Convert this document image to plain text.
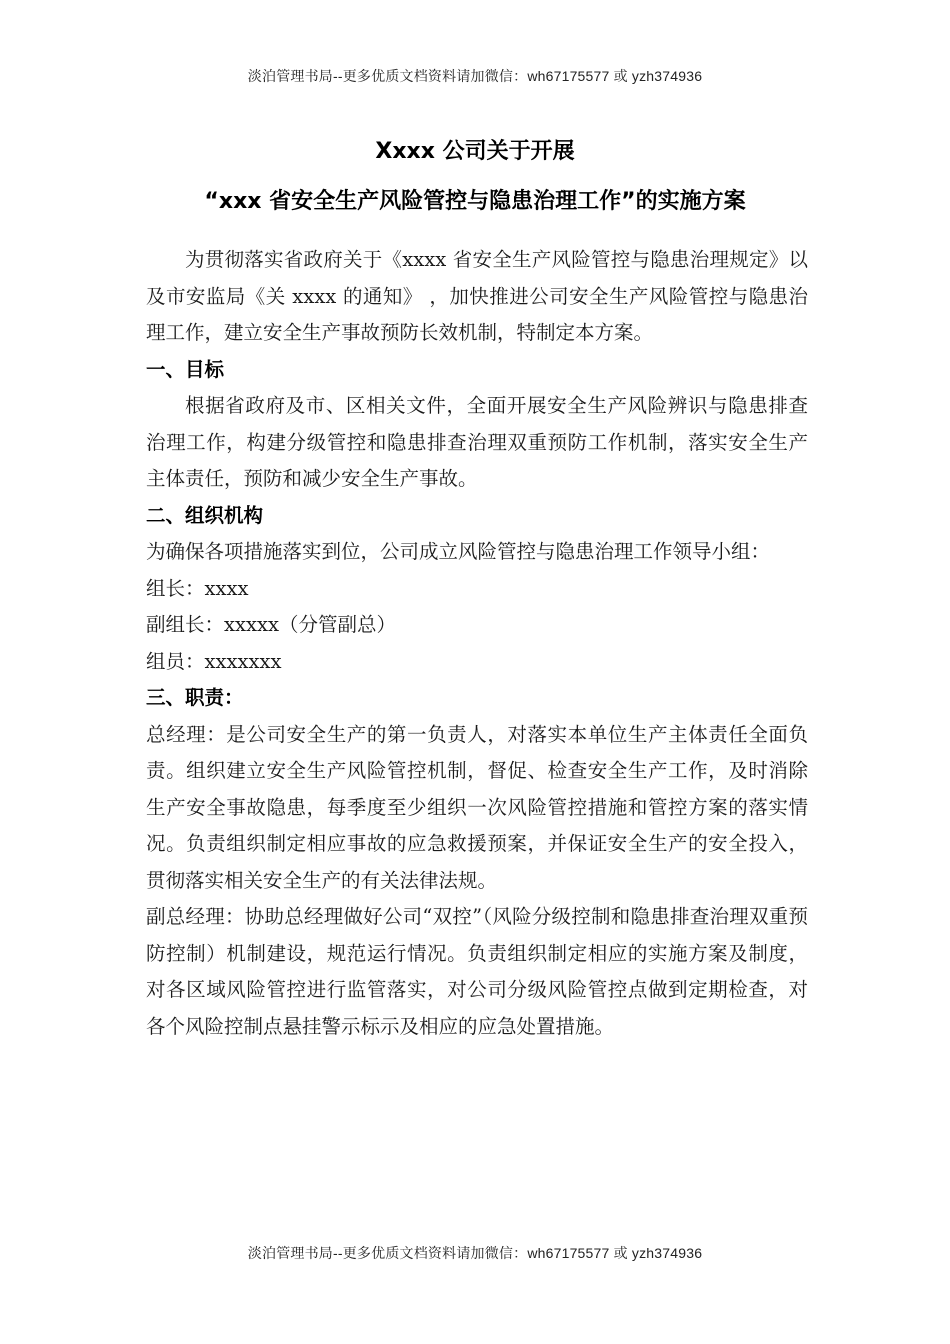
淡泊管理书局--更多优质文档资料请加微信：wh67175577 或 yzh374936
Xxxx 公司关于开展
“xxx 省安全生产风险管控与隐患治理工作”的实施方案

为贯彻落实省政府关于《xxxx 省安全生产风险管控与隐患治理规定》以及市安监局《关 xxxx 的通知》 ，加快推进公司安全生产风险管控与隐患治理工作，建立安全生产事故预防长效机制，特制定本方案。

一、目标

根据省政府及市、区相关文件，全面开展安全生产风险辨识与隐患排查治理工作，构建分级管控和隐患排查治理双重预防工作机制，落实安全生产主体责任，预防和减少安全生产事故。

二、组织机构

为确保各项措施落实到位，公司成立风险管控与隐患治理工作领导小组：

组长：xxxx

副组长：xxxxx（分管副总）

组员：xxxxxxx

三、职责：

总经理：是公司安全生产的第一负责人，对落实本单位生产主体责任全面负责。组织建立安全生产风险管控机制，督促、检查安全生产工作，及时消除生产安全事故隐患，每季度至少组织一次风险管控措施和管控方案的落实情况。负责组织制定相应事故的应急救援预案，并保证安全生产的安全投入，贯彻落实相关安全生产的有关法律法规。

副总经理：协助总经理做好公司“双控”（风险分级控制和隐患排查治理双重预防控制）机制建设，规范运行情况。负责组织制定相应的实施方案及制度，对各区域风险管控进行监管落实，对公司分级风险管控点做到定期检查，对各个风险控制点悬挂警示标示及相应的应急处置措施。

淡泊管理书局--更多优质文档资料请加微信：wh67175577 或 yzh374936
